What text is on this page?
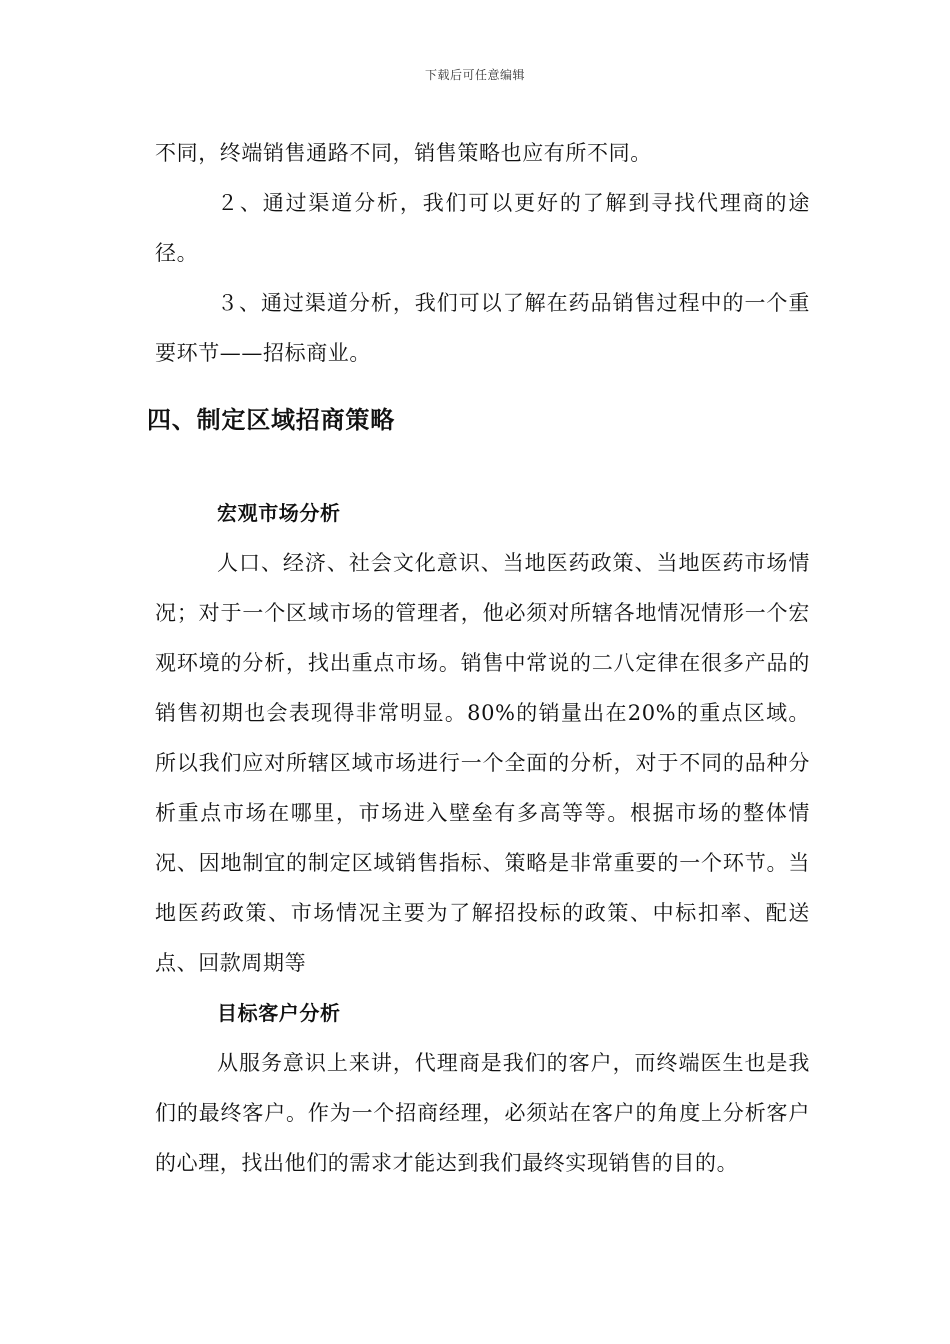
下载后可任意编辑

不同，终端销售通路不同，销售策略也应有所不同。

２、通过渠道分析，我们可以更好的了解到寻找代理商的途径。

３、通过渠道分析，我们可以了解在药品销售过程中的一个重要环节——招标商业。

四、制定区域招商策略
宏观市场分析

人口、经济、社会文化意识、当地医药政策、当地医药市场情况；对于一个区域市场的管理者，他必须对所辖各地情况情形一个宏观环境的分析，找出重点市场。销售中常说的二八定律在很多产品的销售初期也会表现得非常明显。80%的销量出在20%的重点区域。所以我们应对所辖区域市场进行一个全面的分析，对于不同的品种分析重点市场在哪里，市场进入壁垒有多高等等。根据市场的整体情况、因地制宜的制定区域销售指标、策略是非常重要的一个环节。当地医药政策、市场情况主要为了解招投标的政策、中标扣率、配送点、回款周期等

目标客户分析

从服务意识上来讲，代理商是我们的客户，而终端医生也是我们的最终客户。作为一个招商经理，必须站在客户的角度上分析客户的心理，找出他们的需求才能达到我们最终实现销售的目的。
